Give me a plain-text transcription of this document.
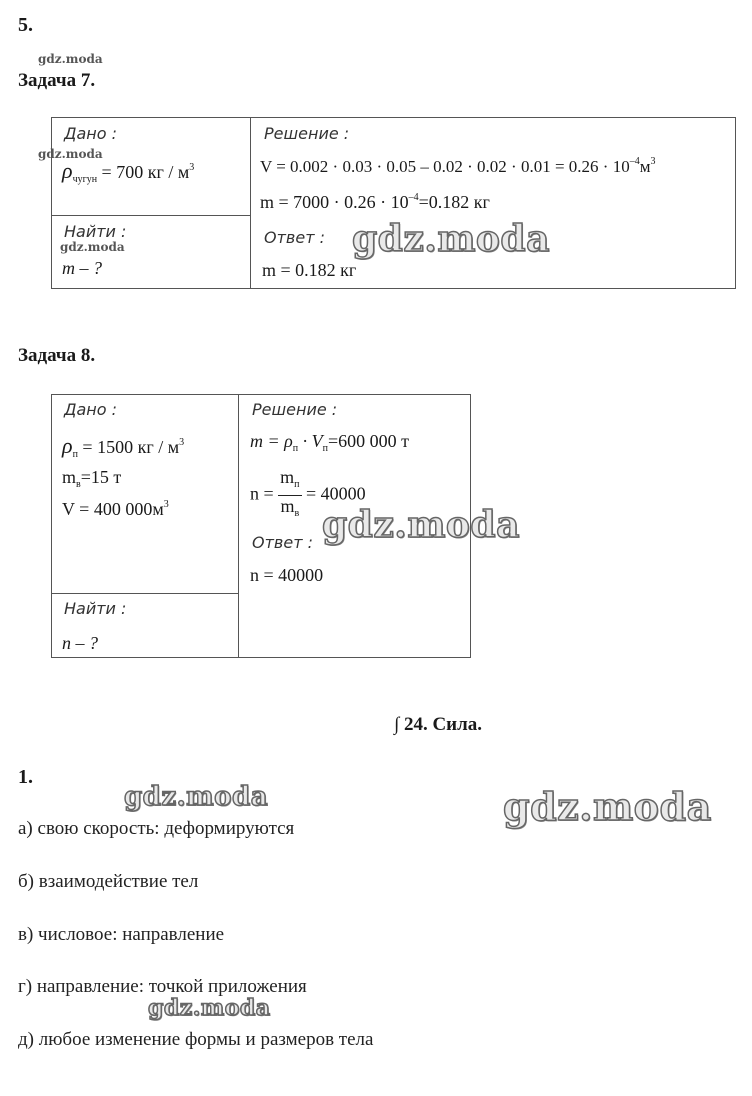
5.
gdz.moda
Задача 7.
Дано :
$\rho_{чугун} = 700$ кг / $м^3$
Найти :
m – ?
Решение :
$V = 0.002 \cdot 0.03 \cdot 0.05 - 0.02 \cdot 0.02 \cdot 0.01 = 0.26 \cdot 10^{-4}м^3$
$m = 7000 \cdot 0.26 \cdot 10^{-4}=0.182$ кг
Ответ :
m = 0.182 кг
gdz.moda
gdz.moda	gdz.moda
Задача 8.
Дано :
$\rho_п = 1500$ кг / $м^3$
$m_в=15$ т
V = 400 $000м^3$
Найти :
n – ?
Решение :
$m = \rho_п \cdot V_п=600$ 000 т
$n = \frac{m_п}{m_в} = 40000$
Ответ :
n = 40000
gdz.moda
∫ 24. Сила.
1.
gdz.moda	gdz.moda
а) свою скорость: деформируются
б) взаимодействие тел
в) числовое: направление
г) направление: точкой приложения
gdz.moda
д) любое изменение формы и размеров тела
